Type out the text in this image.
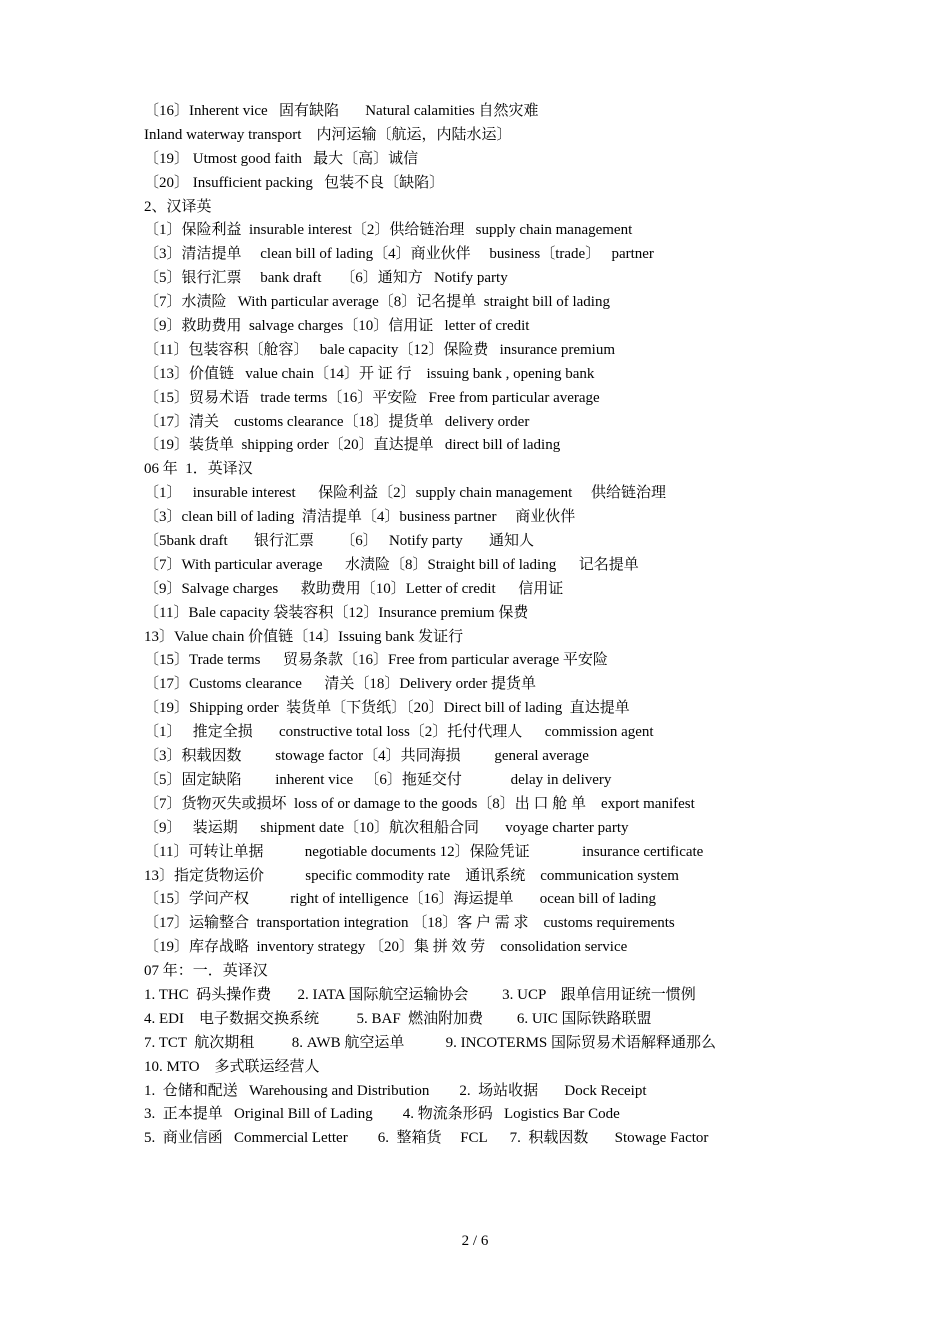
〔16〕Inherent vice   固有缺陷       Natural calamities 自然灾难
Inland waterway transport    内河运输〔航运，内陆水运〕
〔19〕 Utmost good faith   最大〔高〕诚信
〔20〕 Insufficient packing   包装不良〔缺陷〕
2、汉译英
〔1〕保险利益  insurable interest〔2〕供给链治理   supply chain management
〔3〕清洁提单     clean bill of lading〔4〕商业伙伴     business〔trade〕   partner
〔5〕银行汇票     bank draft     〔6〕通知方   Notify party
〔7〕水渍险   With particular average〔8〕记名提单  straight bill of lading
〔9〕救助费用  salvage charges〔10〕信用证   letter of credit
〔11〕包装容积〔舱容〕   bale capacity〔12〕保险费   insurance premium
〔13〕价值链   value chain〔14〕开 证 行    issuing bank , opening bank
〔15〕贸易术语   trade terms〔16〕平安险   Free from particular average
〔17〕清关    customs clearance〔18〕提货单   delivery order
〔19〕装货单  shipping order〔20〕直达提单   direct bill of lading
06 年  1．英译汉
〔1〕   insurable interest      保险利益〔2〕supply chain management     供给链治理
〔3〕clean bill of lading  清洁提单〔4〕business partner     商业伙伴
〔5bank draft       银行汇票       〔6〕   Notify party       通知人
〔7〕With particular average      水渍险〔8〕Straight bill of lading      记名提单
〔9〕Salvage charges      救助费用〔10〕Letter of credit      信用证
〔11〕Bale capacity 袋装容积〔12〕Insurance premium 保费
13〕Value chain 价值链〔14〕Issuing bank 发证行
〔15〕Trade terms      贸易条款〔16〕Free from particular average 平安险
〔17〕Customs clearance      清关〔18〕Delivery order 提货单
〔19〕Shipping order  装货单〔下货纸〕〔20〕Direct bill of lading  直达提单
〔1〕   推定全损       constructive total loss〔2〕托付代理人      commission agent
〔3〕积载因数         stowage factor〔4〕共同海损         general average
〔5〕固定缺陷         inherent vice   〔6〕拖延交付             delay in delivery
〔7〕货物灭失或损坏  loss of or damage to the goods〔8〕出 口 舱 单    export manifest
〔9〕   装运期      shipment date〔10〕航次租船合同       voyage charter party
〔11〕可转让单据           negotiable documents 12〕保险凭证              insurance certificate
13〕指定货物运价           specific commodity rate    通讯系统    communication system
〔15〕学问产权           right of intelligence〔16〕海运提单       ocean bill of lading
〔17〕运输整合  transportation integration 〔18〕客 户 需 求    customs requirements
〔19〕库存战略  inventory strategy 〔20〕集 拼 效 劳    consolidation service
07 年：一．英译汉
1. THC  码头操作费       2. IATA 国际航空运输协会         3. UCP    跟单信用证统一惯例
4. EDI    电子数据交换系统          5. BAF  燃油附加费         6. UIC 国际铁路联盟
7. TCT  航次期租          8. AWB 航空运单           9. INCOTERMS 国际贸易术语解释通那么
10. MTO    多式联运经营人
1.  仓储和配送   Warehousing and Distribution        2.  场站收据       Dock Receipt
3.  正本提单   Original Bill of Lading        4. 物流条形码   Logistics Bar Code
5.  商业信函   Commercial Letter        6.  整箱货     FCL      7.  积载因数       Stowage Factor
2 / 6
